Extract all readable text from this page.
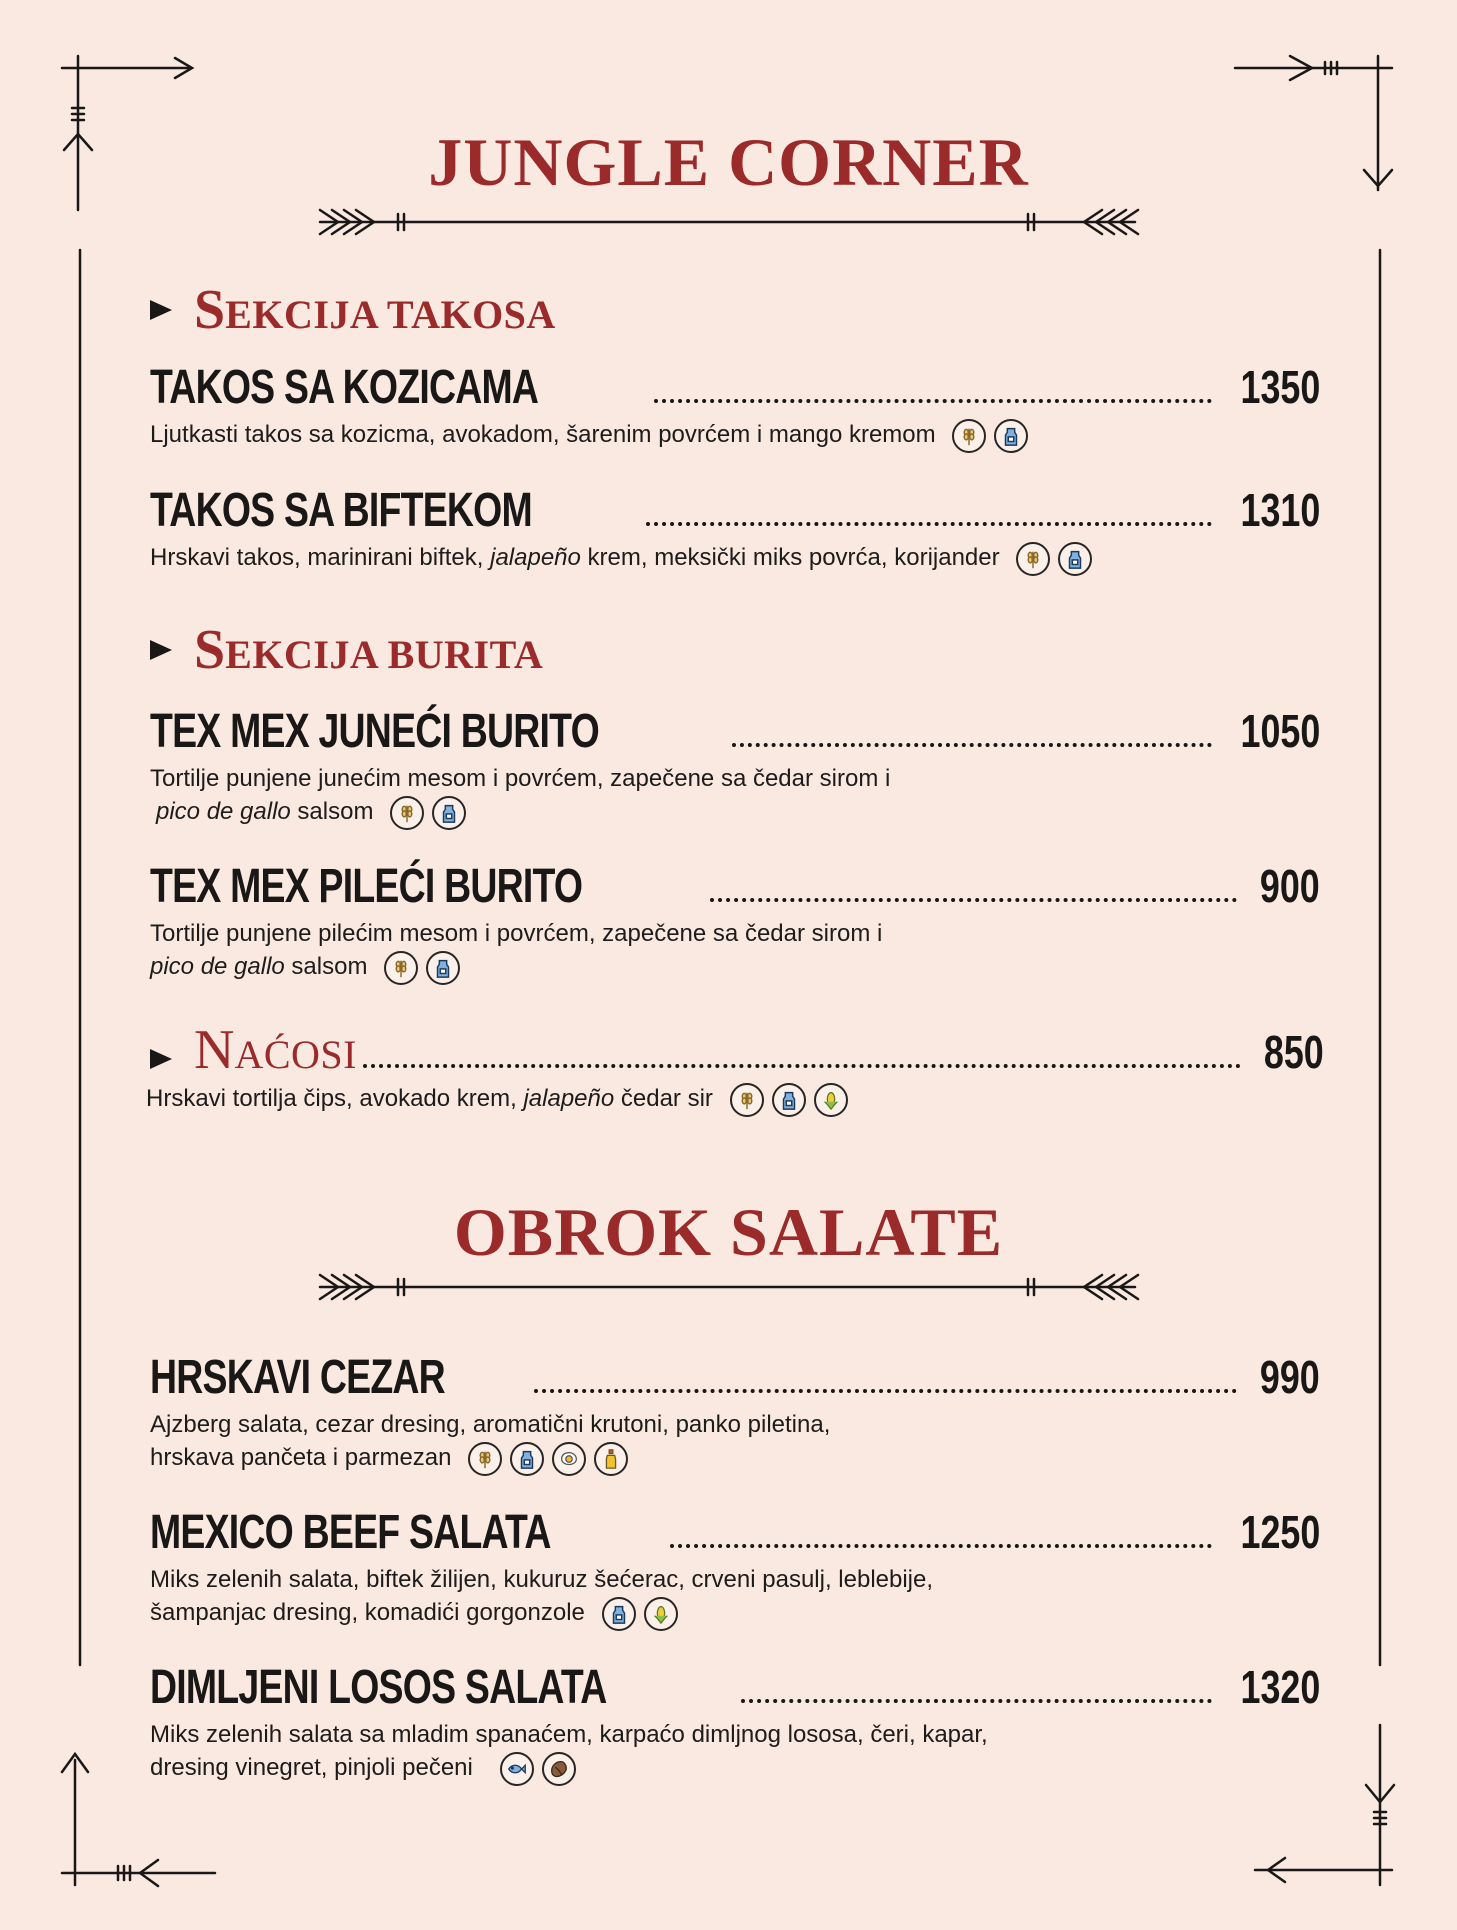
JUNGLE CORNER
S EKCIJA TAKOSA
TAKOS SA KOZICAMA	1350
Ljutkasti takos sa kozicma, avokadom, šarenim povrćem i mango kremom
TAKOS SA BIFTEKOM	1310
Hrskavi takos, marinirani biftek, jalapeño krem, meksički miks povrća, korijander
S EKCIJA BURITA
TEX MEX JUNEĆI BURITO	1050
Tortilje punjene junećim mesom i povrćem, zapečene sa čedar sirom i
pico de gallo salsom
TEX MEX PILEĆI BURITO	900
Tortilje punjene pilećim mesom i povrćem, zapečene sa čedar sirom i
pico de gallo salsom
NAĆOSI	850
Hrskavi tortilja čips, avokado krem, jalapeño čedar sir
OBROK SALATE
HRSKAVI CEZAR	990
Ajzberg salata, cezar dresing, aromatični krutoni, panko piletina,
hrskava pančeta i parmezan
MEXICO BEEF SALATA	1250
Miks zelenih salata, biftek žilijen, kukuruz šećerac, crveni pasulj, leblebije,
šampanjac dresing, komadići gorgonzole
DIMLJENI LOSOS SALATA	1320
Miks zelenih salata sa mladim spanaćem, karpaćo dimljnog lososa, čeri, kapar,
dresing vinegret, pinjoli pečeni
